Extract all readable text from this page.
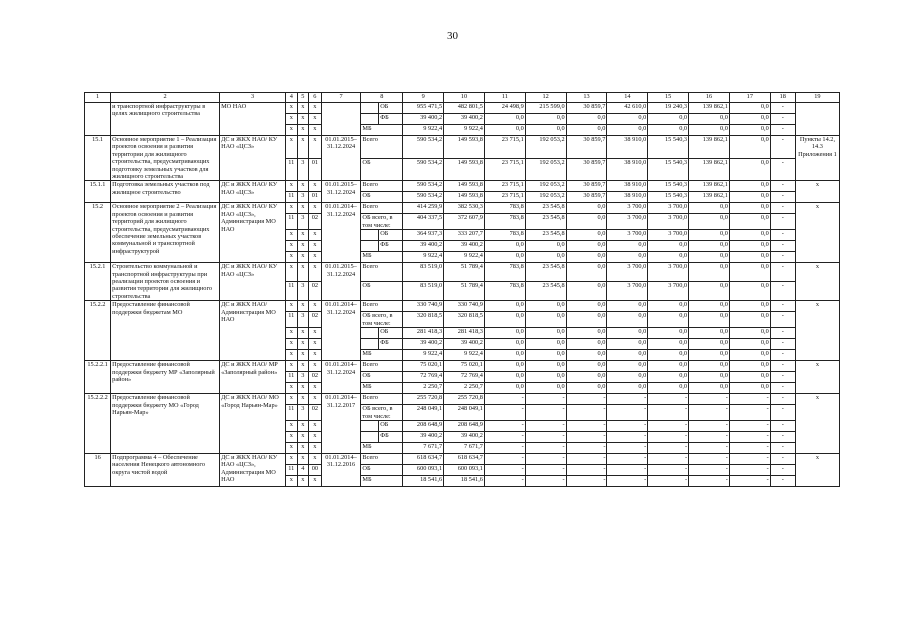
30
1	2	3	4	5	6	7	8		9	10	11	12	13	14	15	16	17	18	19
	и транспортной инфраструктуры в целях жилищного строительства	МО НАО	х	х	х			ОБ	955 471,5	482 801,5	24 498,9	215 599,0	30 859,7	42 610,0	19 240,3	139 862,1	0,0	-	
			х	х	х			ФБ	39 400,2	39 400,2	0,0	0,0	0,0	0,0	0,0	0,0	0,0	-	
			х	х	х		МБ		9 922,4	9 922,4	0,0	0,0	0,0	0,0	0,0	0,0	0,0	-	
15.1	Основное мероприятие 1 – Реализация проектов освоения и развития территории для жилищного строительства, предусматривающих подготовку земельных участков для жилищного строительства	ДС и ЖКХ НАО/ КУ НАО «ЦСЗ»	х	х	х	01.01.2015–31.12.2024	Всего		590 534,2	149 593,8	23 715,1	192 053,2	30 859,7	38 910,0	15 540,3	139 862,1	0,0	-	Пункты 14.2, 14.3 Приложения 1
			11	3	01		ОБ		590 534,2	149 593,8	23 715,1	192 053,2	30 859,7	38 910,0	15 540,3	139 862,1	0,0	-	
15.1.1	Подготовка земельных участков под жилищное строительство	ДС и ЖКХ НАО/ КУ НАО «ЦСЗ»	х	х	х	01.01.2015–31.12.2024	Всего		590 534,2	149 593,8	23 715,1	192 053,2	30 859,7	38 910,0	15 540,3	139 862,1	0,0	-	х
			11	3	01		ОБ		590 534,2	149 593,8	23 715,1	192 053,2	30 859,7	38 910,0	15 540,3	139 862,1	0,0	-	
15.2	Основное мероприятие 2 – Реализация проектов освоения и развития территорий для жилищного строительства, предусматривающих обеспечение земельных участков коммунальной и транспортной инфраструктурой	ДС и ЖКХ НАО/ КУ НАО «ЦСЗ», Администрация МО НАО	х	х	х	01.01.2014–31.12.2024	Всего		414 259,9	382 530,3	783,8	23 545,8	0,0	3 700,0	3 700,0	0,0	0,0	-	х
			11	3	02		ОБ всего, в том числе:		404 337,5	372 607,9	783,8	23 545,8	0,0	3 700,0	3 700,0	0,0	0,0	-	
			х	х	х			ОБ	364 937,3	333 207,7	783,8	23 545,8	0,0	3 700,0	3 700,0	0,0	0,0	-	
			х	х	х			ФБ	39 400,2	39 400,2	0,0	0,0	0,0	0,0	0,0	0,0	0,0	-	
			х	х	х		МБ		9 922,4	9 922,4	0,0	0,0	0,0	0,0	0,0	0,0	0,0	-	
15.2.1	Строительство коммунальной и транспортной инфраструктуры при реализации проектов освоения и развития территории для жилищного строительства	ДС и ЖКХ НАО/ КУ НАО «ЦСЗ»	х	х	х	01.01.2015–31.12.2024	Всего		83 519,0	51 789,4	783,8	23 545,8	0,0	3 700,0	3 700,0	0,0	0,0	-	х
			11	3	02		ОБ		83 519,0	51 789,4	783,8	23 545,8	0,0	3 700,0	3 700,0	0,0	0,0	-	
15.2.2	Предоставление финансовой поддержки бюджетам МО	ДС и ЖКХ НАО/ Администрация МО НАО	х	х	х	01.01.2014–31.12.2024	Всего		330 740,9	330 740,9	0,0	0,0	0,0	0,0	0,0	0,0	0,0	-	х
			11	3	02		ОБ всего, в том числе:		320 818,5	320 818,5	0,0	0,0	0,0	0,0	0,0	0,0	0,0	-	
			х	х	х			ОБ	281 418,3	281 418,3	0,0	0,0	0,0	0,0	0,0	0,0	0,0	-	
			х	х	х			ФБ	39 400,2	39 400,2	0,0	0,0	0,0	0,0	0,0	0,0	0,0	-	
			х	х	х		МБ		9 922,4	9 922,4	0,0	0,0	0,0	0,0	0,0	0,0	0,0	-	
15.2.2.1	Предоставление финансовой поддержки бюджету МР «Заполярный район»	ДС и ЖКХ НАО/ МР «Заполярный район»	х	х	х	01.01.2014–31.12.2024	Всего		75 020,1	75 020,1	0,0	0,0	0,0	0,0	0,0	0,0	0,0	-	х
			11	3	02		ОБ		72 769,4	72 769,4	0,0	0,0	0,0	0,0	0,0	0,0	0,0	-	
			х	х	х		МБ		2 250,7	2 250,7	0,0	0,0	0,0	0,0	0,0	0,0	0,0	-	
15.2.2.2	Предоставление финансовой поддержки бюджету МО «Город Нарьян-Мар»	ДС и ЖКХ НАО/ МО «Город Нарьян-Мар»	х	х	х	01.01.2014–31.12.2017	Всего		255 720,8	255 720,8	-	-	-	-	-	-	-	-	х
			11	3	02		ОБ всего, в том числе:		248 049,1	248 049,1	-	-	-	-	-	-	-	-	
			х	х	х			ОБ	208 648,9	208 648,9	-	-	-	-	-	-	-	-	
			х	х	х			ФБ	39 400,2	39 400,2	-	-	-	-	-	-	-	-	
			х	х	х		МБ		7 671,7	7 671,7	-	-	-	-	-	-	-	-	
16	Подпрограмма 4 – Обеспечение населения Ненецкого автономного округа чистой водой	ДС и ЖКХ НАО/ КУ НАО «ЦСЗ», Администрация МО НАО	х	х	х	01.01.2014–31.12.2016	Всего		618 634,7	618 634,7	-	-	-	-	-	-	-	-	х
			11	4	00		ОБ		600 093,1	600 093,1	-	-	-	-	-	-	-	-	
			х	х	х		МБ		18 541,6	18 541,6	-	-	-	-	-	-	-	-	
